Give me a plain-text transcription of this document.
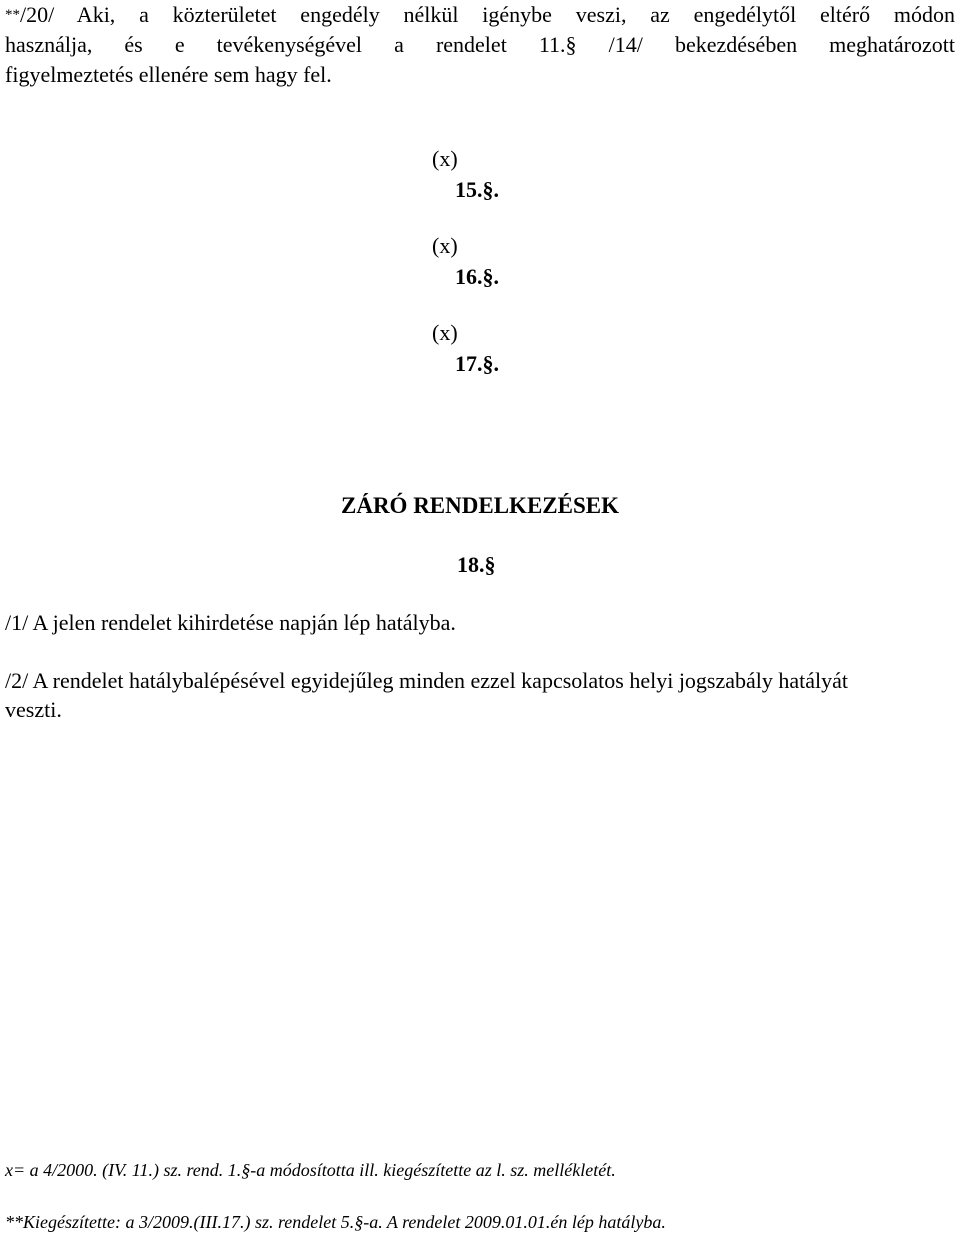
**/20/ Aki, a közterületet engedély nélkül igénybe veszi, az engedélytől eltérő módon
használja, és e tevékenységével a rendelet 11.§ /14/ bekezdésében meghatározott
figyelmeztetés ellenére sem hagy fel.
(x)
15.§.
(x)
16.§.
(x)
17.§.
ZÁRÓ RENDELKEZÉSEK
18.§
/1/ A jelen rendelet kihirdetése napján lép hatályba.
/2/ A rendelet hatálybalépésével egyidejűleg minden ezzel kapcsolatos helyi jogszabály hatályát veszti.
x= a 4/2000. (IV. 11.) sz. rend. 1.§-a módosította ill. kiegészítette az l. sz. mellékletét.
**Kiegészítette: a 3/2009.(III.17.) sz. rendelet 5.§-a. A rendelet 2009.01.01.én lép hatályba.
